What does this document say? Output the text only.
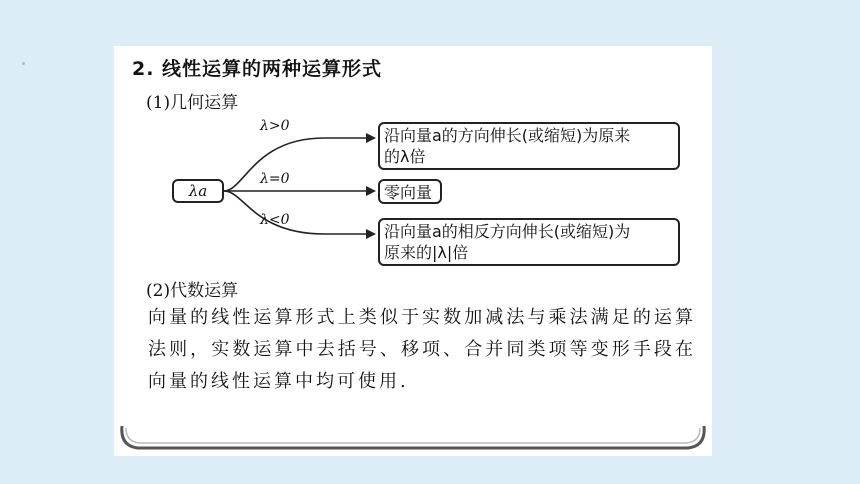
2. 线性运算的两种运算形式
(1)几何运算
λa
λ>0
λ=0
λ<0
沿向量a的方向伸长(或缩短)为原来
的λ倍
零向量
沿向量a的相反方向伸长(或缩短)为
原来的|λ|倍
(2)代数运算
向量的线性运算形式上类似于实数加减法与乘法满足的运算法则，实数运算中去括号、移项、合并同类项等变形手段在向量的线性运算中均可使用.
